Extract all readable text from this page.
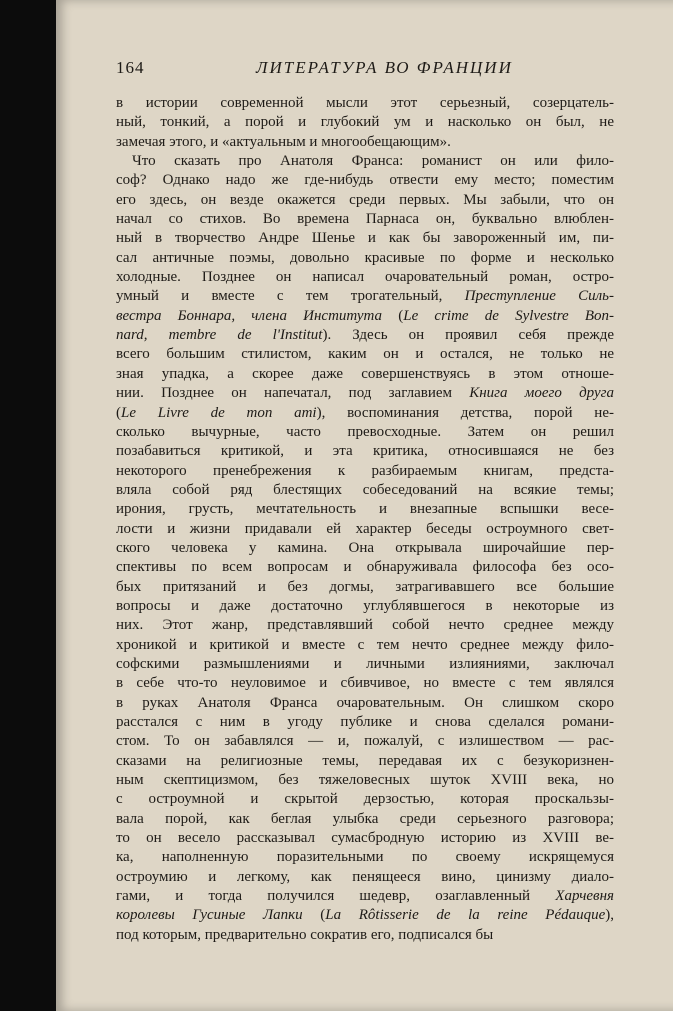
164	ЛИТЕРАТУРА ВО ФРАНЦИИ
в истории современной мысли этот серьезный, созерцатель-
ный, тонкий, а порой и глубокий ум и насколько он был, не
замечая этого, и «актуальным и многообещающим».
Что сказать про Анатоля Франса: романист он или фило-
соф? Однако надо же где-нибудь отвести ему место; поместим
его здесь, он везде окажется среди первых. Мы забыли, что он
начал со стихов. Во времена Парнаса он, буквально влюблен-
ный в творчество Андре Шенье и как бы завороженный им, пи-
сал античные поэмы, довольно красивые по форме и несколько
холодные. Позднее он написал очаровательный роман, остро-
умный и вместе с тем трогательный, Преступление Силь-
вестра Боннара, члена Института (Le crime de Sylvestre Bon-
nard, membre de l'Institut). Здесь он проявил себя прежде
всего большим стилистом, каким он и остался, не только не
зная упадка, а скорее даже совершенствуясь в этом отноше-
нии. Позднее он напечатал, под заглавием Книга моего друга
(Le Livre de mon ami), воспоминания детства, порой не-
сколько вычурные, часто превосходные. Затем он решил
позабавиться критикой, и эта критика, относившаяся не без
некоторого пренебрежения к разбираемым книгам, предста-
вляла собой ряд блестящих собеседований на всякие темы;
ирония, грусть, мечтательность и внезапные вспышки весе-
лости и жизни придавали ей характер беседы остроумного свет-
ского человека у камина. Она открывала широчайшие пер-
спективы по всем вопросам и обнаруживала философа без осо-
бых притязаний и без догмы, затрагивавшего все большие
вопросы и даже достаточно углублявшегося в некоторые из
них. Этот жанр, представлявший собой нечто среднее между
хроникой и критикой и вместе с тем нечто среднее между фило-
софскими размышлениями и личными излияниями, заключал
в себе что-то неуловимое и сбивчивое, но вместе с тем являлся
в руках Анатоля Франса очаровательным. Он слишком скоро
расстался с ним в угоду публике и снова сделался романи-
стом. То он забавлялся — и, пожалуй, с излишеством — рас-
сказами на религиозные темы, передавая их с безукоризнен-
ным скептицизмом, без тяжеловесных шуток XVIII века, но
с остроумной и скрытой дерзостью, которая проскальзы-
вала порой, как беглая улыбка среди серьезного разговора;
то он весело рассказывал сумасбродную историю из XVIII ве-
ка, наполненную поразительными по своему искрящемуся
остроумию и легкому, как пенящееся вино, цинизму диало-
гами, и тогда получился шедевр, озаглавленный Харчевня
королевы Гусиные Лапки (La Rôtisserie de la reine Pédauque),
под которым, предварительно сократив его, подписался бы
